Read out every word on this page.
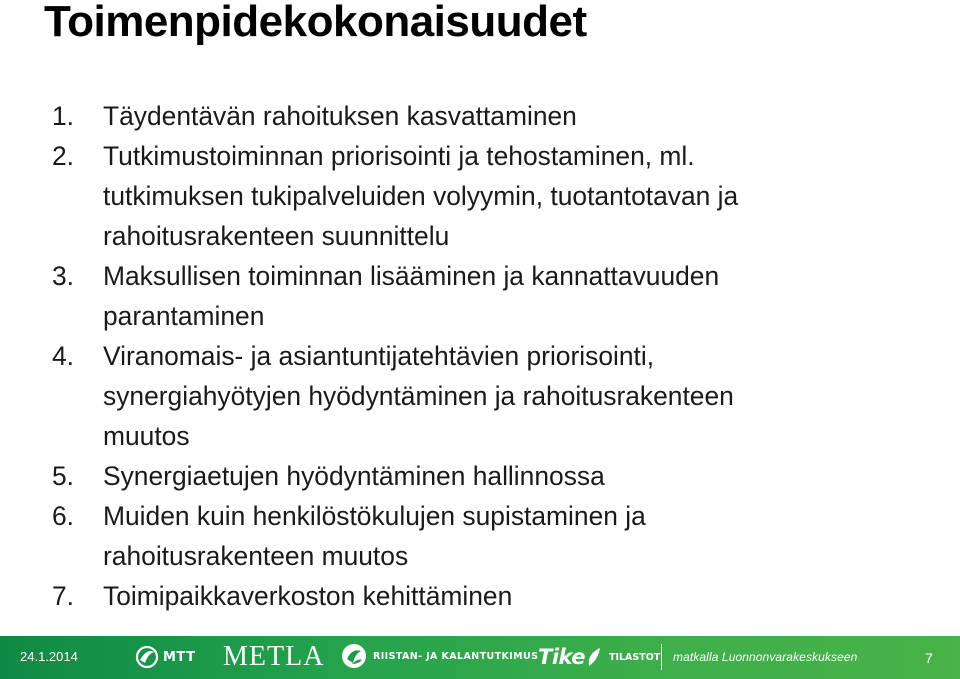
Toimenpidekokonaisuudet
1.	Täydentävän rahoituksen kasvattaminen
2.	Tutkimustoiminnan priorisointi ja tehostaminen, ml.
tutkimuksen tukipalveluiden volyymin, tuotantotavan ja
rahoitusrakenteen suunnittelu
3.	Maksullisen toiminnan lisääminen ja kannattavuuden
parantaminen
4.	Viranomais- ja asiantuntijatehtävien priorisointi,
synergiahyötyjen hyödyntäminen ja rahoitusrakenteen
muutos
5.	Synergiaetujen hyödyntäminen hallinnossa
6.	Muiden kuin henkilöstökulujen supistaminen ja
rahoitusrakenteen muutos
7.	Toimipaikkaverkoston kehittäminen
24.1.2014	MTT METLA	RIISTAN- JA KALANTUTKIMUS Tike	TILASTOT matkalla Luonnonvarakeskukseen	7
